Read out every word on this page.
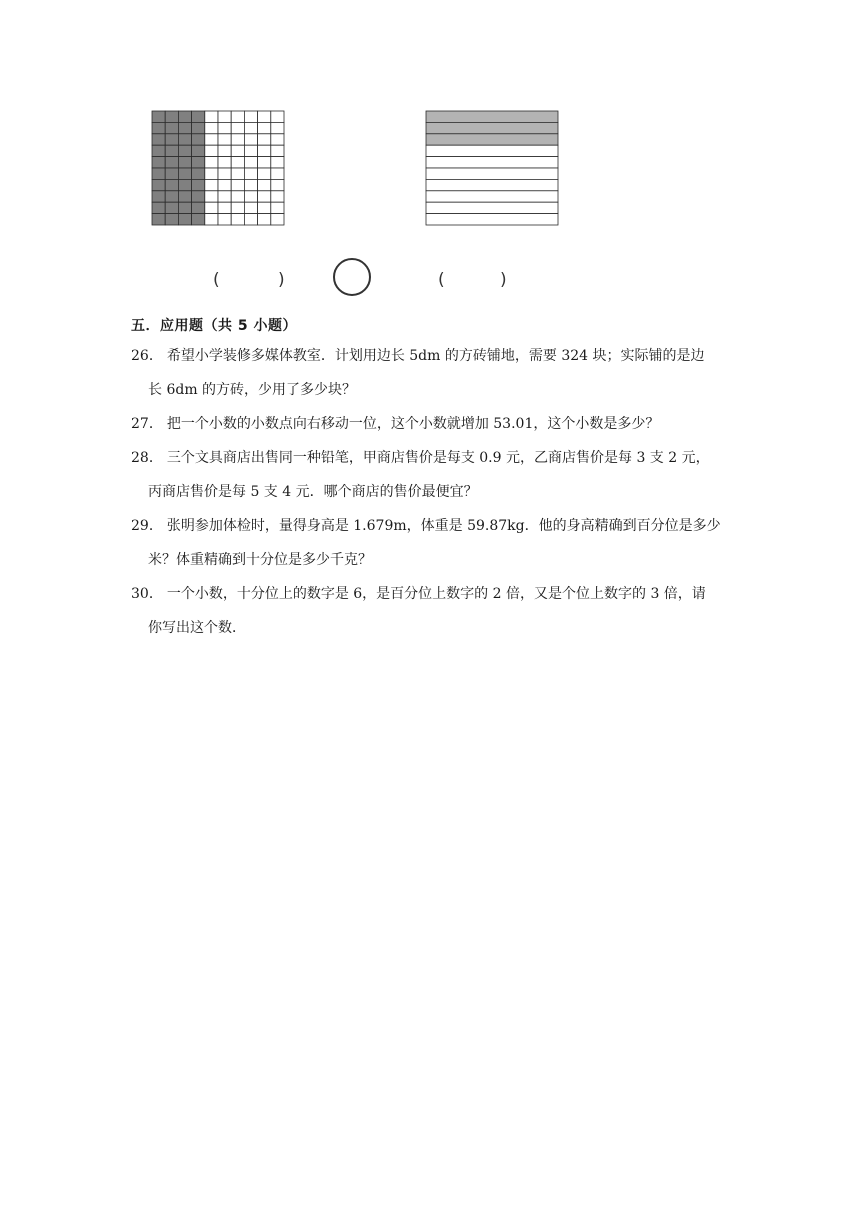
(	)	(	)
五．应用题（共 5 小题）
26． 希望小学装修多媒体教室．计划用边长 5dm 的方砖铺地，需要 324 块；实际铺的是边
长 6dm 的方砖，少用了多少块？
27． 把一个小数的小数点向右移动一位，这个小数就增加 53.01，这个小数是多少？
28． 三个文具商店出售同一种铅笔，甲商店售价是每支 0.9 元，乙商店售价是每 3 支 2 元，
丙商店售价是每 5 支 4 元．哪个商店的售价最便宜？
29． 张明参加体检时，量得身高是 1.679m，体重是 59.87kg．他的身高精确到百分位是多少
米？体重精确到十分位是多少千克？
30． 一个小数，十分位上的数字是 6，是百分位上数字的 2 倍，又是个位上数字的 3 倍，请
你写出这个数．
